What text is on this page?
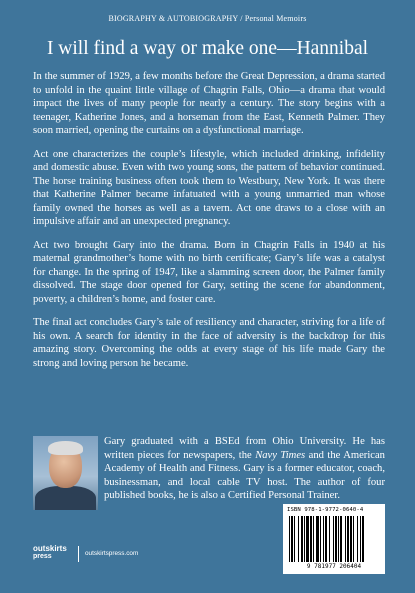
BIOGRAPHY & AUTOBIOGRAPHY / Personal Memoirs
I will find a way or make one—Hannibal

In the summer of 1929, a few months before the Great Depression, a drama started to unfold in the quaint little village of Chagrin Falls, Ohio—a drama that would impact the lives of many people for nearly a century. The story begins with a teenager, Katherine Jones, and a horseman from the East, Kenneth Palmer. They soon married, opening the curtains on a dysfunctional marriage.

Act one characterizes the couple’s lifestyle, which included drinking, infidelity and domestic abuse. Even with two young sons, the pattern of behavior continued. The horse training business often took them to Westbury, New York. It was there that Katherine Palmer became infatuated with a young unmarried man whose family owned the horses as well as a tavern. Act one draws to a close with an impulsive affair and an unexpected pregnancy.

Act two brought Gary into the drama. Born in Chagrin Falls in 1940 at his maternal grandmother’s home with no birth certificate; Gary’s life was a catalyst for change. In the spring of 1947, like a slamming screen door, the Palmer family dissolved. The stage door opened for Gary, setting the scene for abandonment, poverty, a children’s home, and foster care.

The final act concludes Gary’s tale of resiliency and character, striving for a life of his own. A search for identity in the face of adversity is the backdrop for this amazing story. Overcoming the odds at every stage of his life made Gary the strong and loving person he became.

Gary graduated with a BSEd from Ohio University. He has written pieces for newspapers, the Navy Times and the American Academy of Health and Fitness. Gary is a former educator, coach, businessman, and local cable TV host. The author of four published books, he is also a Certified Personal Trainer.
ISBN 978-1-9772-0640-4
9 781977 206404
outskirts
press	outskirtspress.com
